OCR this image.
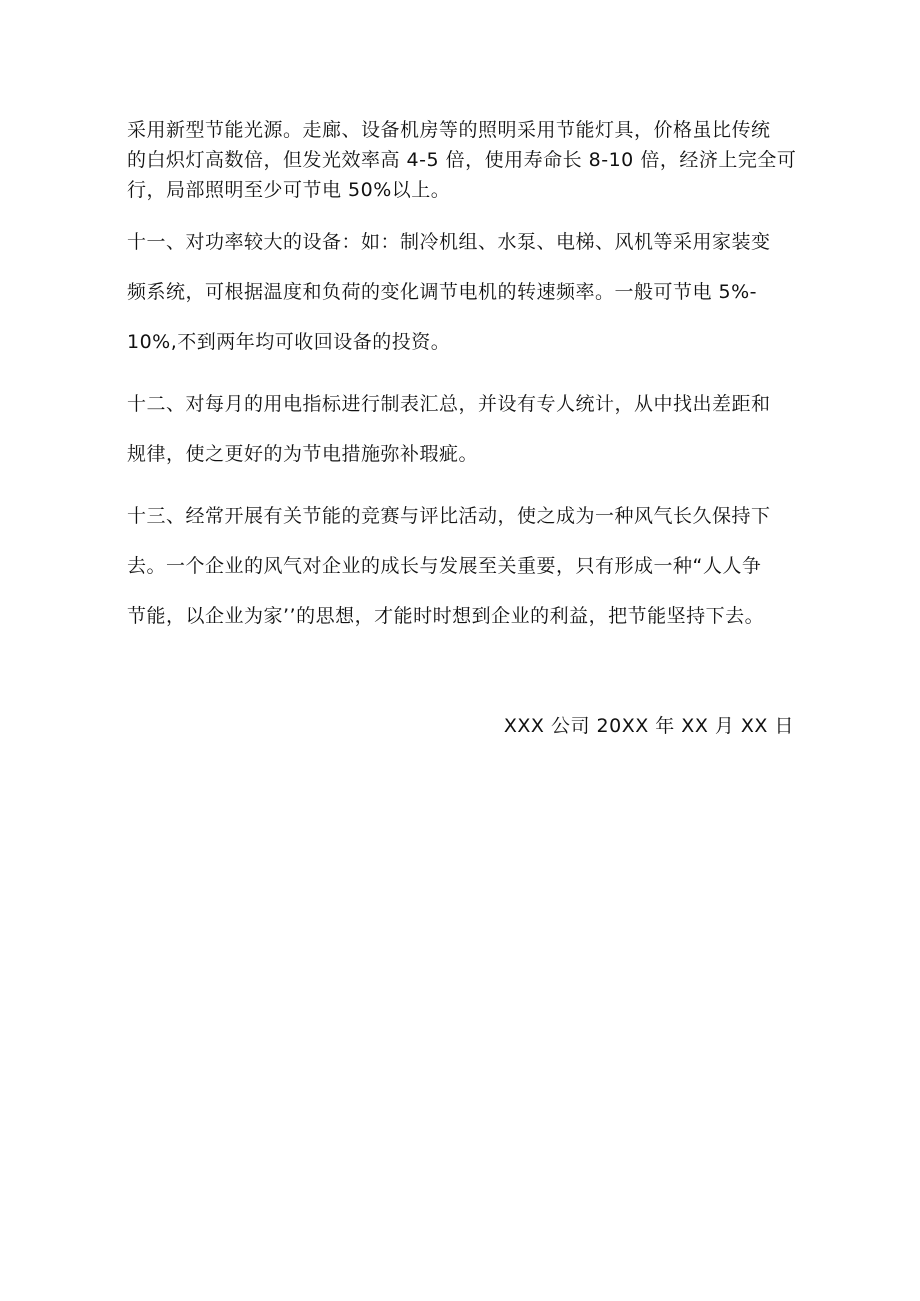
采用新型节能光源。走廊、设备机房等的照明采用节能灯具，价格虽比传统
的白炽灯高数倍，但发光效率高 4-5 倍，使用寿命长 8-10 倍，经济上完全可
行，局部照明至少可节电 50%以上。

十一、对功率较大的设备：如：制冷机组、水泵、电梯、风机等采用家装变
频系统，可根据温度和负荷的变化调节电机的转速频率。一般可节电 5%-
10%,不到两年均可收回设备的投资。

十二、对每月的用电指标进行制表汇总，并设有专人统计，从中找出差距和
规律，使之更好的为节电措施弥补瑕疵。

十三、经常开展有关节能的竞赛与评比活动，使之成为一种风气长久保持下
去。一个企业的风气对企业的成长与发展至关重要，只有形成一种“人人争
节能，以企业为家’’的思想，才能时时想到企业的利益，把节能坚持下去。

XXX 公司 20XX 年 XX 月 XX 日
